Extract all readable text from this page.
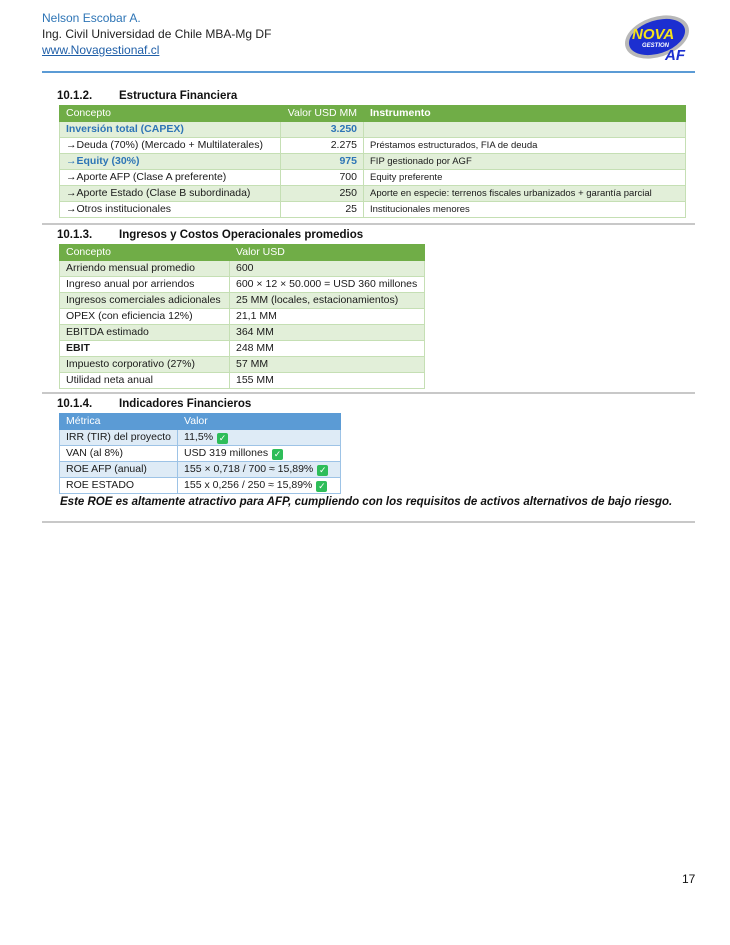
Nelson Escobar A.
Ing. Civil Universidad de Chile MBA-Mg DF
www.Novagestionaf.cl
NOVA
GESTION
AF
10.1.2. Estructura Financiera
Concepto	Valor USD MM	Instrumento
Inversión total (CAPEX)	3.250	
→Deuda (70%) (Mercado + Multilaterales)	2.275	Préstamos estructurados, FIA de deuda
→Equity (30%)	975	FIP gestionado por AGF
→Aporte AFP (Clase A preferente)	700	Equity preferente
→Aporte Estado (Clase B subordinada)	250	Aporte en especie: terrenos fiscales urbanizados + garantía parcial
→Otros institucionales	25	Institucionales menores
10.1.3. Ingresos y Costos Operacionales promedios
Concepto	Valor USD
Arriendo mensual promedio	600
Ingreso anual por arriendos	600 × 12 × 50.000 = USD 360 millones
Ingresos comerciales adicionales	25 MM (locales, estacionamientos)
OPEX (con eficiencia 12%)	21,1 MM
EBITDA estimado	364 MM
EBIT	248 MM
Impuesto corporativo (27%)	57 MM
Utilidad neta anual	155 MM
10.1.4. Indicadores Financieros
Métrica	Valor
IRR (TIR) del proyecto	11,5% ✓
VAN (al 8%)	USD 319 millones ✓
ROE AFP (anual)	155 × 0,718 / 700 ≈ 15,89% ✓
ROE ESTADO	155 x 0,256 / 250 ≈ 15,89% ✓
Este ROE es altamente atractivo para AFP, cumpliendo con los requisitos de activos alternativos de bajo riesgo.
17
